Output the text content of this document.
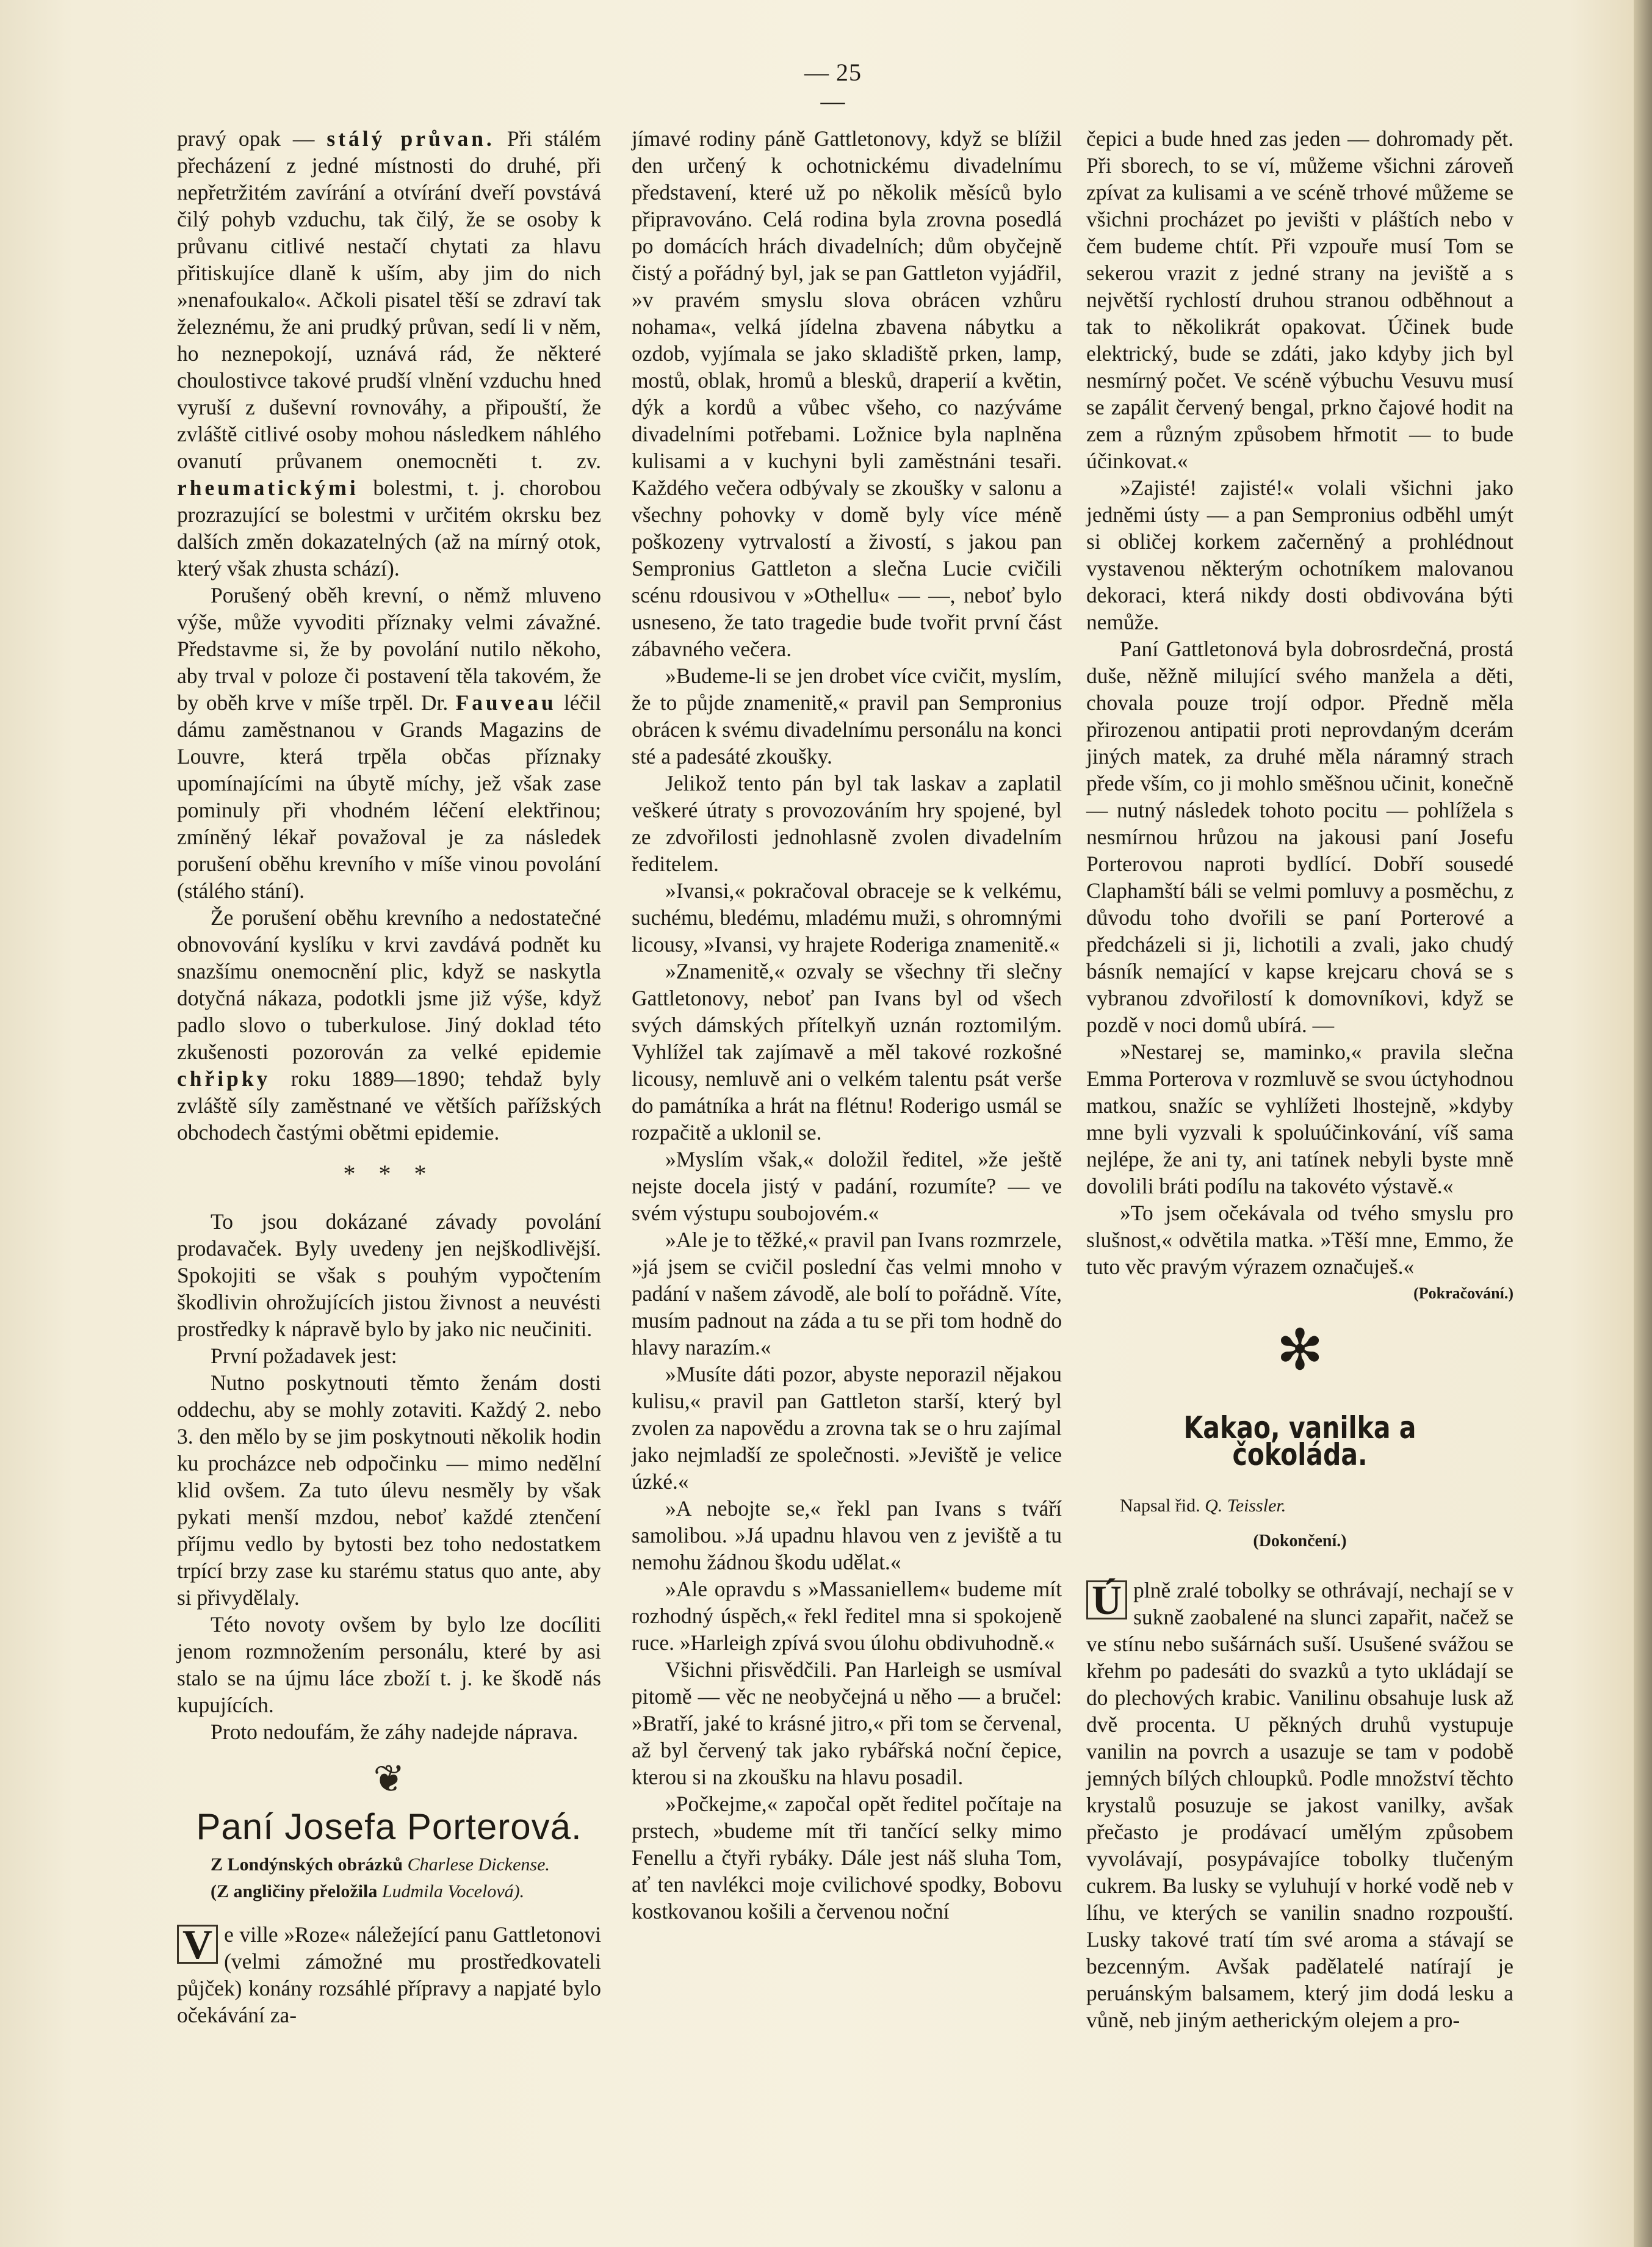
— 25 —

pravý opak — stálý průvan. Při stálém přecházení z jedné místnosti do druhé, při nepřetržitém zavírání a otvírání dveří povstává čilý pohyb vzduchu, tak čilý, že se osoby k průvanu citlivé nestačí chytati za hlavu přitiskujíce dlaně k uším, aby jim do nich »nenafoukalo«. Ačkoli pisatel těší se zdraví tak železnému, že ani prudký průvan, sedí li v něm, ho neznepokojí, uznává rád, že některé choulostivce takové prudší vlnění vzduchu hned vyruší z duševní rovnováhy, a připouští, že zvláště citlivé osoby mohou následkem náhlého ovanutí průvanem onemocněti t. zv. rheumatickými bolestmi, t. j. chorobou prozrazující se bolestmi v určitém okrsku bez dalších změn dokazatelných (až na mírný otok, který však zhusta schází).

Porušený oběh krevní, o němž mluveno výše, může vyvoditi příznaky velmi závažné. Představme si, že by povolání nutilo někoho, aby trval v poloze či postavení těla takovém, že by oběh krve v míše trpěl. Dr. Fauveau léčil dámu zaměstnanou v Grands Magazins de Louvre, která trpěla občas příznaky upomínajícími na úbytě míchy, jež však zase pominuly při vhodném léčení elektřinou; zmíněný lékař považoval je za následek porušení oběhu krevního v míše vinou povolání (stálého stání).

Že porušení oběhu krevního a nedostatečné obnovování kyslíku v krvi zavdává podnět ku snazšímu onemocnění plic, když se naskytla dotyčná nákaza, podotkli jsme již výše, když padlo slovo o tuberkulose. Jiný doklad této zkušenosti pozorován za velké epidemie chřipky roku 1889—1890; tehdaž byly zvláště síly zaměstnané ve větších pařížských obchodech častými obětmi epidemie.

* * *

To jsou dokázané závady povolání prodavaček. Byly uvedeny jen nejškodlivější. Spokojiti se však s pouhým vypočtením škodlivin ohrožujících jistou živnost a neuvésti prostředky k nápravě bylo by jako nic neučiniti.

První požadavek jest:

Nutno poskytnouti těmto ženám dosti oddechu, aby se mohly zotaviti. Každý 2. nebo 3. den mělo by se jim poskytnouti několik hodin ku procházce neb odpočinku — mimo nedělní klid ovšem. Za tuto úlevu nesměly by však pykati menší mzdou, neboť každé ztenčení příjmu vedlo by bytosti bez toho nedostatkem trpící brzy zase ku starému status quo ante, aby si přivydělaly.

Této novoty ovšem by bylo lze docíliti jenom rozmnožením personálu, které by asi stalo se na újmu láce zboží t. j. ke škodě nás kupujících.

Proto nedoufám, že záhy nadejde náprava.

❦
Paní Josefa Porterová.

Z Londýnských obrázků Charlese Dickense.

(Z angličiny přeložila Ludmila Vocelová).

V e ville »Roze« náležející panu Gattletonovi (velmi zámožné mu prostředkovateli půjček) konány rozsáhlé přípravy a napjaté bylo očekávání za-

jímavé rodiny páně Gattletonovy, když se blížil den určený k ochotnickému divadelnímu představení, které už po několik měsíců bylo připravováno. Celá rodina byla zrovna posedlá po domácích hrách divadelních; dům obyčejně čistý a pořádný byl, jak se pan Gattleton vyjádřil, »v pravém smyslu slova obrácen vzhůru nohama«, velká jídelna zbavena nábytku a ozdob, vyjímala se jako skladiště prken, lamp, mostů, oblak, hromů a blesků, draperií a květin, dýk a kordů a vůbec všeho, co nazýváme divadelními potřebami. Ložnice byla naplněna kulisami a v kuchyni byli zaměstnáni tesaři. Každého večera odbývaly se zkoušky v salonu a všechny pohovky v domě byly více méně poškozeny vytrvalostí a živostí, s jakou pan Sempronius Gattleton a slečna Lucie cvičili scénu rdousivou v »Othellu« — —, neboť bylo usneseno, že tato tragedie bude tvořit první část zábavného večera.

»Budeme-li se jen drobet více cvičit, myslím, že to půjde znamenitě,« pravil pan Sempronius obrácen k svému divadelnímu personálu na konci sté a padesáté zkoušky.

Jelikož tento pán byl tak laskav a zaplatil veškeré útraty s provozováním hry spojené, byl ze zdvořilosti jednohlasně zvolen divadelním ředitelem.

»Ivansi,« pokračoval obraceje se k velkému, suchému, bledému, mladému muži, s ohromnými licousy, »Ivansi, vy hrajete Roderiga znamenitě.«

»Znamenitě,« ozvaly se všechny tři slečny Gattletonovy, neboť pan Ivans byl od všech svých dámských přítelkyň uznán roztomilým. Vyhlížel tak zajímavě a měl takové rozkošné licousy, nemluvě ani o velkém talentu psát verše do památníka a hrát na flétnu! Roderigo usmál se rozpačitě a uklonil se.

»Myslím však,« doložil ředitel, »že ještě nejste docela jistý v padání, rozumíte? — ve svém výstupu soubojovém.«

»Ale je to těžké,« pravil pan Ivans rozmrzele, »já jsem se cvičil poslední čas velmi mnoho v padání v našem závodě, ale bolí to pořádně. Víte, musím padnout na záda a tu se při tom hodně do hlavy narazím.«

»Musíte dáti pozor, abyste neporazil nějakou kulisu,« pravil pan Gattleton starší, který byl zvolen za napovědu a zrovna tak se o hru zajímal jako nejmladší ze společnosti. »Jeviště je velice úzké.«

»A nebojte se,« řekl pan Ivans s tváří samolibou. »Já upadnu hlavou ven z jeviště a tu nemohu žádnou škodu udělat.«

»Ale opravdu s »Massaniellem« budeme mít rozhodný úspěch,« řekl ředitel mna si spokojeně ruce. »Harleigh zpívá svou úlohu obdivuhodně.«

Všichni přisvědčili. Pan Harleigh se usmíval pitomě — věc ne neobyčejná u něho — a bručel: »Bratří, jaké to krásné jitro,« při tom se červenal, až byl červený tak jako rybářská noční čepice, kterou si na zkoušku na hlavu posadil.

»Počkejme,« započal opět ředitel počítaje na prstech, »budeme mít tři tančící selky mimo Fenellu a čtyři rybáky. Dále jest náš sluha Tom, ať ten navlékci moje cvilichové spodky, Bobovu kostkovanou košili a červenou noční

čepici a bude hned zas jeden — dohromady pět. Při sborech, to se ví, můžeme všichni zároveň zpívat za kulisami a ve scéně trhové můžeme se všichni procházet po jevišti v pláštích nebo v čem budeme chtít. Při vzpouře musí Tom se sekerou vrazit z jedné strany na jeviště a s největší rychlostí druhou stranou odběhnout a tak to několikrát opakovat. Účinek bude elektrický, bude se zdáti, jako kdyby jich byl nesmírný počet. Ve scéně výbuchu Vesuvu musí se zapálit červený bengal, prkno čajové hodit na zem a různým způsobem hřmotit — to bude účinkovat.«

»Zajisté! zajisté!« volali všichni jako jedněmi ústy — a pan Sempronius odběhl umýt si obličej korkem začerněný a prohlédnout vystavenou některým ochotníkem malovanou dekoraci, která nikdy dosti obdivována býti nemůže.

Paní Gattletonová byla dobrosrdečná, prostá duše, něžně milující svého manžela a děti, chovala pouze trojí odpor. Předně měla přirozenou antipatii proti neprovdaným dcerám jiných matek, za druhé měla náramný strach přede vším, co ji mohlo směšnou učinit, konečně — nutný následek tohoto pocitu — pohlížela s nesmírnou hrůzou na jakousi paní Josefu Porterovou naproti bydlící. Dobří sousedé Claphamští báli se velmi pomluvy a posměchu, z důvodu toho dvořili se paní Porterové a předcházeli si ji, lichotili a zvali, jako chudý básník nemající v kapse krejcaru chová se s vybranou zdvořilostí k domovníkovi, když se pozdě v noci domů ubírá. —

»Nestarej se, maminko,« pravila slečna Emma Porterova v rozmluvě se svou úctyhodnou matkou, snažíc se vyhlížeti lhostejně, »kdyby mne byli vyzvali k spoluúčinkování, víš sama nejlépe, že ani ty, ani tatínek nebyli byste mně dovolili bráti podílu na takovéto výstavě.«

»To jsem očekávala od tvého smyslu pro slušnost,« odvětila matka. »Těší mne, Emmo, že tuto věc pravým výrazem označuješ.«

(Pokračování.)
✻
Kakao, vanilka a čokoláda.

Napsal řid. Q. Teissler.

(Dokončení.)

Ú plně zralé tobolky se othrávají, nechají se v sukně zaobalené na slunci zapařit, načež se ve stínu nebo sušárnách suší. Usušené svážou se křehm po padesáti do svazků a tyto ukládají se do plechových krabic. Vanilinu obsahuje lusk až dvě procenta. U pěkných druhů vystupuje vanilin na povrch a usazuje se tam v podobě jemných bílých chloupků. Podle množství těchto krystalů posuzuje se jakost vanilky, avšak přečasto je prodávací umělým způsobem vyvolávají, posypávajíce tobolky tlučeným cukrem. Ba lusky se vyluhují v horké vodě neb v líhu, ve kterých se vanilin snadno rozpouští. Lusky takové tratí tím své aroma a stávají se bezcenným. Avšak padělatelé natírají je peruánským balsamem, který jim dodá lesku a vůně, neb jiným aetherickým olejem a pro-
